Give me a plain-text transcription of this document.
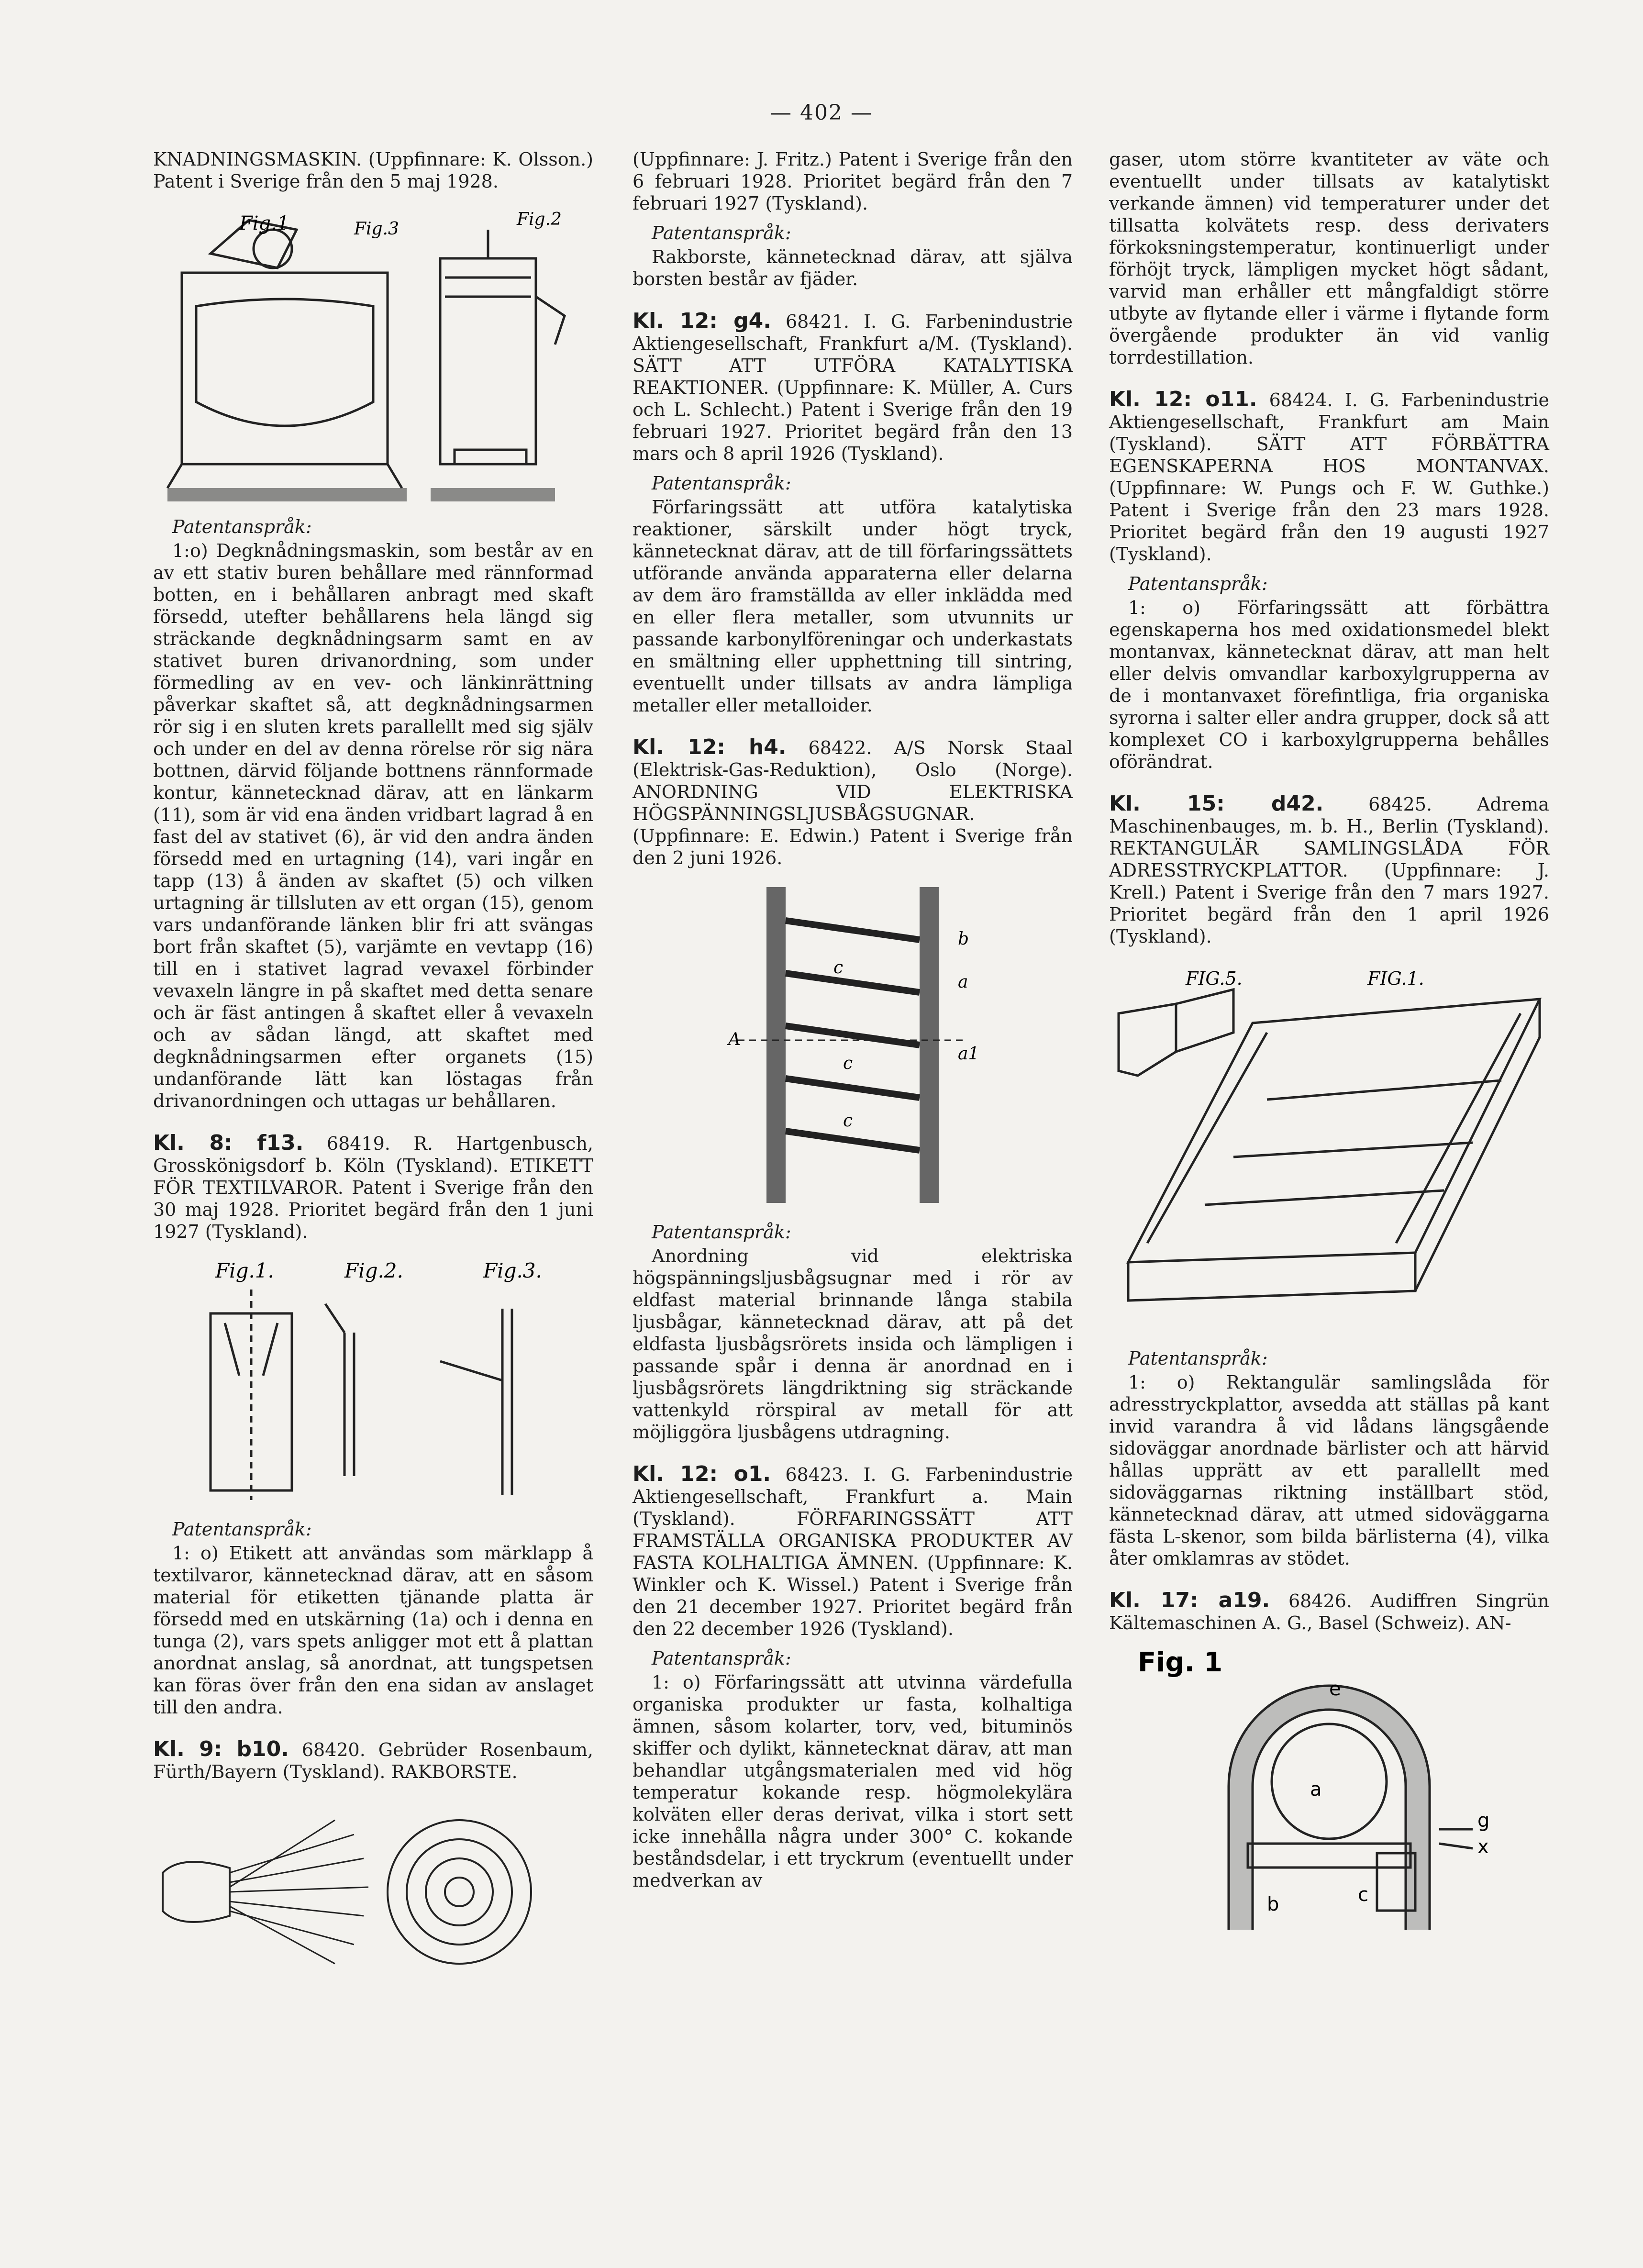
— 402 —

KNADNINGSMASKIN. (Uppfinnare: K. Olsson.) Patent i Sverige från den 5 maj 1928.

Fig.1	Fig.3	Fig.2

Patentanspråk:

1:o) Degknådningsmaskin, som består av en av ett stativ buren behållare med rännformad botten, en i behållaren anbragt med skaft försedd, utefter behållarens hela längd sig sträckande degknådningsarm samt en av stativet buren drivanordning, som under förmedling av en vev- och länkinrättning påverkar skaftet så, att degknådningsarmen rör sig i en sluten krets parallellt med sig själv och under en del av denna rörelse rör sig nära bottnen, därvid följande bottnens rännformade kontur, kännetecknad därav, att en länkarm (11), som är vid ena änden vridbart lagrad å en fast del av stativet (6), är vid den andra änden försedd med en urtagning (14), vari ingår en tapp (13) å änden av skaftet (5) och vilken urtagning är tillsluten av ett organ (15), genom vars undanförande länken blir fri att svängas bort från skaftet (5), varjämte en vevtapp (16) till en i stativet lagrad vevaxel förbinder vevaxeln längre in på skaftet med detta senare och är fäst antingen å skaftet eller å vevaxeln och av sådan längd, att skaftet med degknådningsarmen efter organets (15) undanförande lätt kan löstagas från drivanordningen och uttagas ur behållaren.

Kl. 8: f13. 68419. R. Hartgenbusch, Grosskönigsdorf b. Köln (Tyskland). ETIKETT FÖR TEXTILVAROR. Patent i Sverige från den 30 maj 1928. Prioritet begärd från den 1 juni 1927 (Tyskland).

Fig.1.	Fig.2.	Fig.3.

Patentanspråk:

1: o) Etikett att användas som märklapp å textilvaror, kännetecknad därav, att en såsom material för etiketten tjänande platta är försedd med en utskärning (1a) och i denna en tunga (2), vars spets anligger mot ett å plattan anordnat anslag, så anordnat, att tungspetsen kan föras över från den ena sidan av anslaget till den andra.

Kl. 9: b10. 68420. Gebrüder Rosenbaum, Fürth/Bayern (Tyskland). RAKBORSTE.

(Uppfinnare: J. Fritz.) Patent i Sverige från den 6 februari 1928. Prioritet begärd från den 7 februari 1927 (Tyskland).

Patentanspråk:

Rakborste, kännetecknad därav, att själva borsten består av fjäder.

Kl. 12: g4. 68421. I. G. Farbenindustrie Aktiengesellschaft, Frankfurt a/M. (Tyskland). SÄTT ATT UTFÖRA KATALYTISKA REAKTIONER. (Uppfinnare: K. Müller, A. Curs och L. Schlecht.) Patent i Sverige från den 19 februari 1927. Prioritet begärd från den 13 mars och 8 april 1926 (Tyskland).

Patentanspråk:

Förfaringssätt att utföra katalytiska reaktioner, särskilt under högt tryck, kännetecknat därav, att de till förfaringssättets utförande använda apparaterna eller delarna av dem äro framställda av eller inklädda med en eller flera metaller, som utvunnits ur passande karbonylföreningar och underkastats en smältning eller upphettning till sintring, eventuellt under tillsats av andra lämpliga metaller eller metalloider.

Kl. 12: h4. 68422. A/S Norsk Staal (Elektrisk-Gas-Reduktion), Oslo (Norge). ANORDNING VID ELEKTRISKA HÖGSPÄNNINGSLJUSBÅGSUGNAR. (Uppfinnare: E. Edwin.) Patent i Sverige från den 2 juni 1926.

b
c
a
A
c	a1
c

Patentanspråk:

Anordning vid elektriska högspänningsljusbågsugnar med i rör av eldfast material brinnande långa stabila ljusbågar, kännetecknad därav, att på det eldfasta ljusbågsrörets insida och lämpligen i passande spår i denna är anordnad en i ljusbågsrörets längdriktning sig sträckande vattenkyld rörspiral av metall för att möjliggöra ljusbågens utdragning.

Kl. 12: o1. 68423. I. G. Farbenindustrie Aktiengesellschaft, Frankfurt a. Main (Tyskland). FÖRFARINGSSÄTT ATT FRAMSTÄLLA ORGANISKA PRODUKTER AV FASTA KOLHALTIGA ÄMNEN. (Uppfinnare: K. Winkler och K. Wissel.) Patent i Sverige från den 21 december 1927. Prioritet begärd från den 22 december 1926 (Tyskland).

Patentanspråk:

1: o) Förfaringssätt att utvinna värdefulla organiska produkter ur fasta, kolhaltiga ämnen, såsom kolarter, torv, ved, bituminös skiffer och dylikt, kännetecknat därav, att man behandlar utgångsmaterialen med vid hög temperatur kokande resp. högmolekylära kolväten eller deras derivat, vilka i stort sett icke innehålla några under 300° C. kokande beståndsdelar, i ett tryckrum (eventuellt under medverkan av

gaser, utom större kvantiteter av väte och eventuellt under tillsats av katalytiskt verkande ämnen) vid temperaturer under det tillsatta kolvätets resp. dess derivaters förkoksningstemperatur, kontinuerligt under förhöjt tryck, lämpligen mycket högt sådant, varvid man erhåller ett mångfaldigt större utbyte av flytande eller i värme i flytande form övergående produkter än vid vanlig torrdestillation.

Kl. 12: o11. 68424. I. G. Farbenindustrie Aktiengesellschaft, Frankfurt am Main (Tyskland). SÄTT ATT FÖRBÄTTRA EGENSKAPERNA HOS MONTANVAX. (Uppfinnare: W. Pungs och F. W. Guthke.) Patent i Sverige från den 23 mars 1928. Prioritet begärd från den 19 augusti 1927 (Tyskland).

Patentanspråk:

1: o) Förfaringssätt att förbättra egenskaperna hos med oxidationsmedel blekt montanvax, kännetecknat därav, att man helt eller delvis omvandlar karboxylgrupperna av de i montanvaxet förefintliga, fria organiska syrorna i salter eller andra grupper, dock så att komplexet CO i karboxylgrupperna behålles oförändrat.

Kl. 15: d42. 68425. Adrema Maschinenbauges, m. b. H., Berlin (Tyskland). REKTANGULÄR SAMLINGSLÅDA FÖR ADRESSTRYCKPLATTOR. (Uppfinnare: J. Krell.) Patent i Sverige från den 7 mars 1927. Prioritet begärd från den 1 april 1926 (Tyskland).

FIG.5.	FIG.1.

Patentanspråk:

1: o) Rektangulär samlingslåda för adresstryckplattor, avsedda att ställas på kant invid varandra å vid lådans längsgående sidoväggar anordnade bärlister och att härvid hållas upprätt av ett parallellt med sidoväggarnas riktning inställbart stöd, kännetecknad därav, att utmed sidoväggarna fästa L-skenor, som bilda bärlisterna (4), vilka åter omklamras av stödet.

Kl. 17: a19. 68426. Audiffren Singrün Kältemaschinen A. G., Basel (Schweiz). AN-

Fig. 1
e
a
g
x
b	c
